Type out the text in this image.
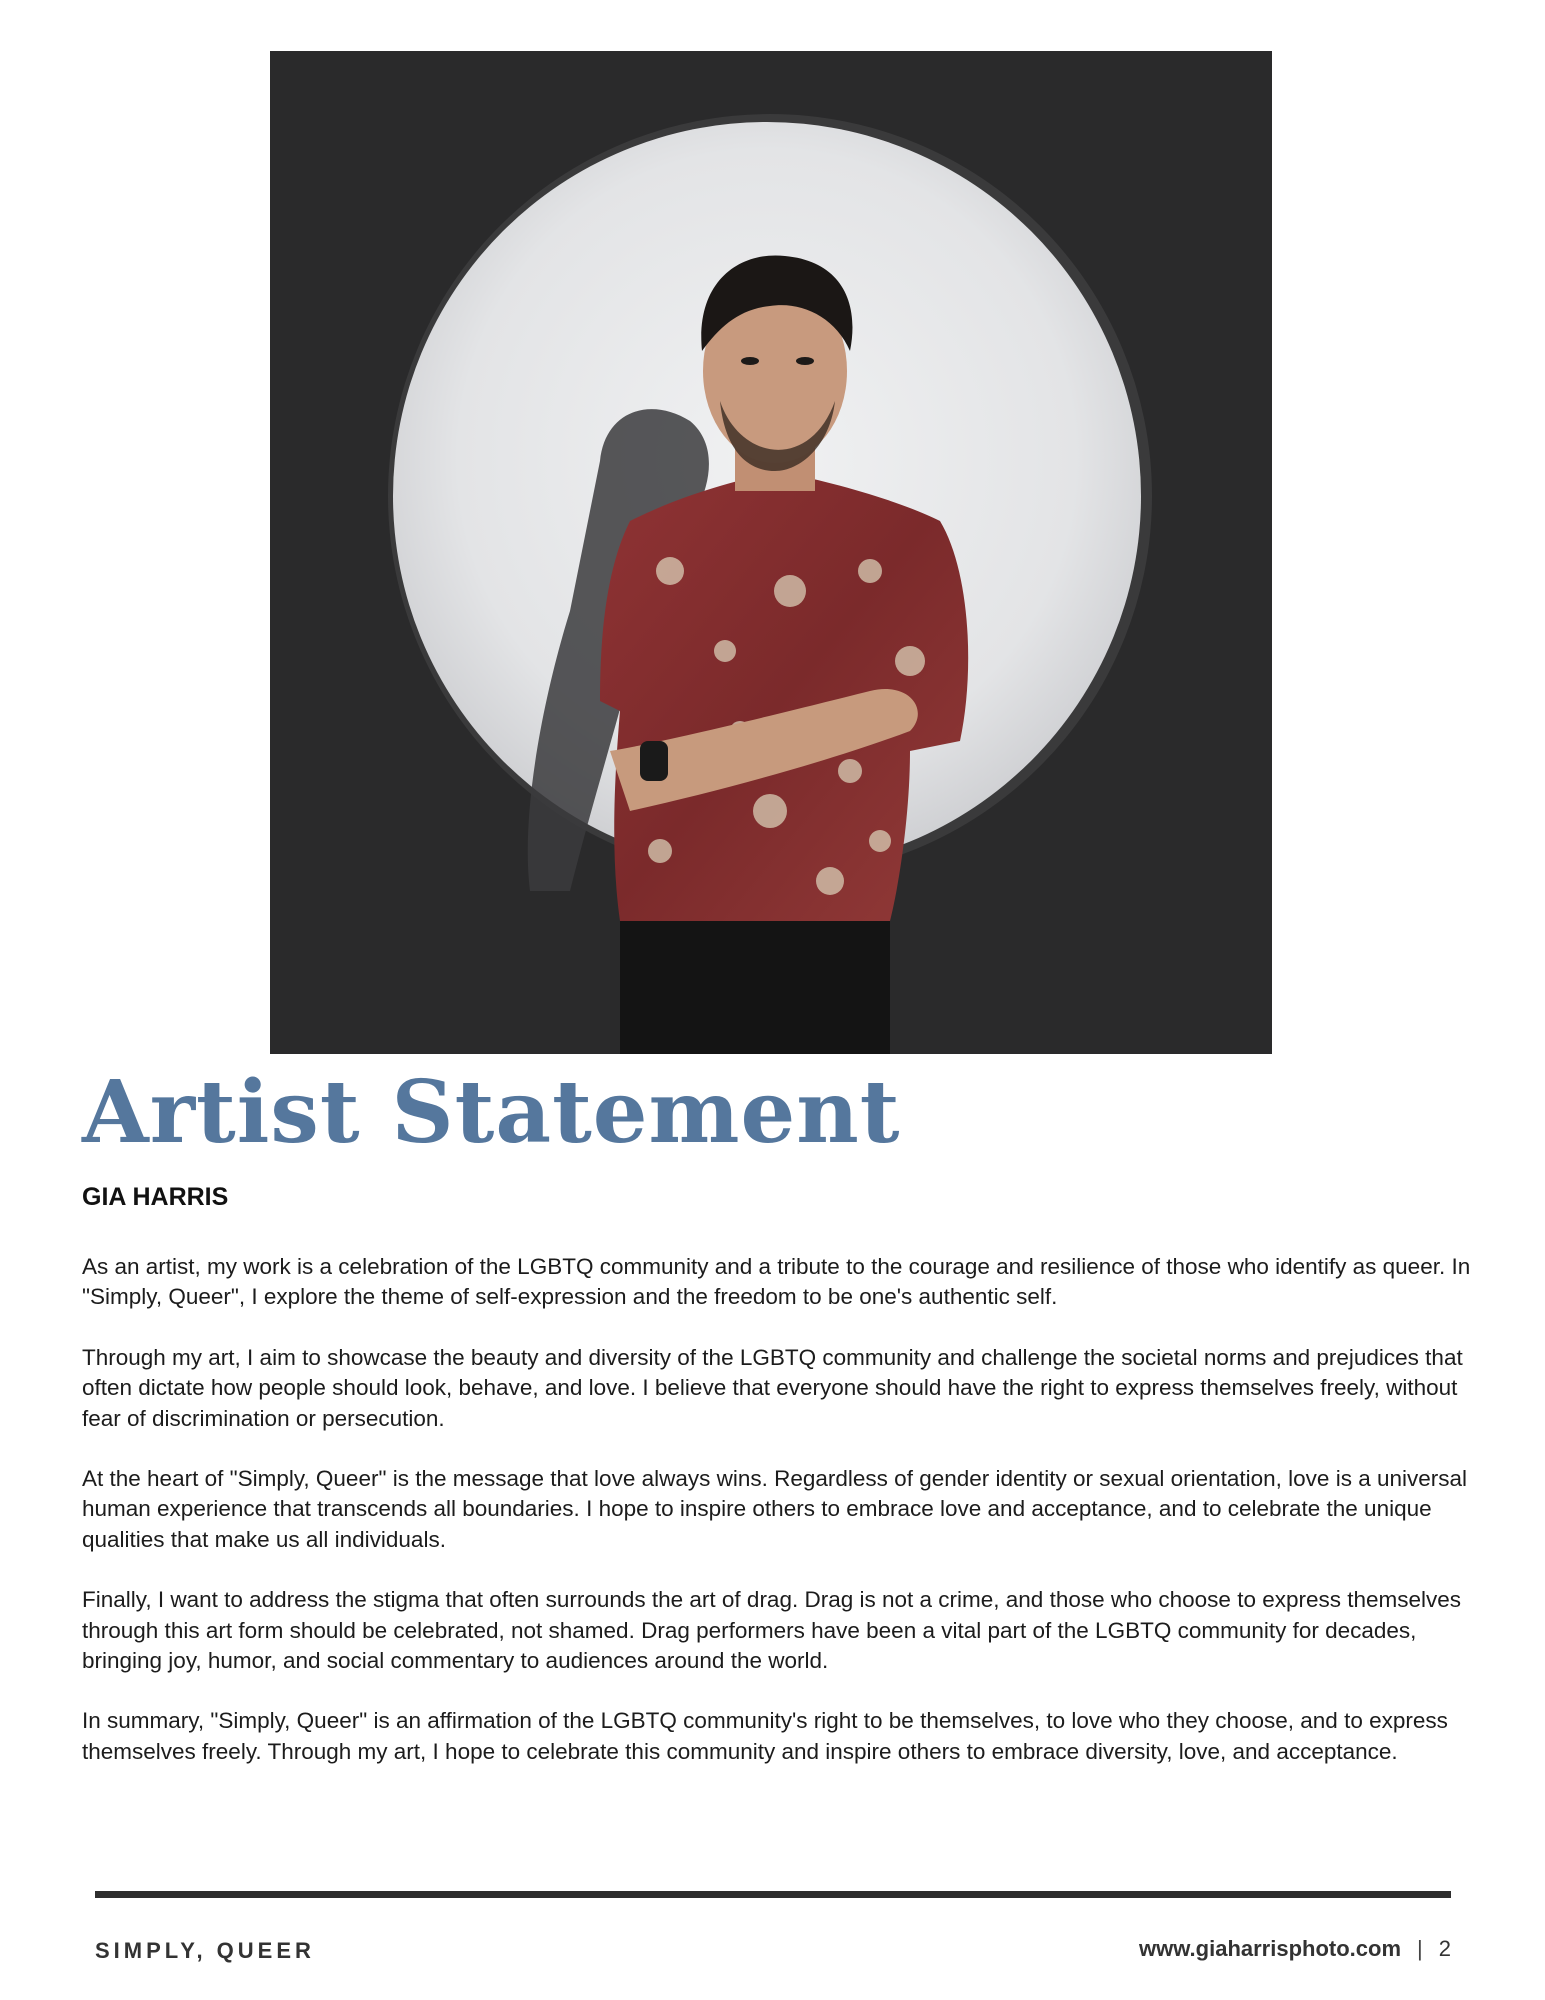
Artist Statement
GIA HARRIS

As an artist, my work is a celebration of the LGBTQ community and a tribute to the courage and resilience of those who identify as queer. In "Simply, Queer", I explore the theme of self-expression and the freedom to be one's authentic self.

Through my art, I aim to showcase the beauty and diversity of the LGBTQ community and challenge the societal norms and prejudices that often dictate how people should look, behave, and love. I believe that everyone should have the right to express themselves freely, without fear of discrimination or persecution.

At the heart of "Simply, Queer" is the message that love always wins. Regardless of gender identity or sexual orientation, love is a universal human experience that transcends all boundaries. I hope to inspire others to embrace love and acceptance, and to celebrate the unique qualities that make us all individuals.

Finally, I want to address the stigma that often surrounds the art of drag. Drag is not a crime, and those who choose to express themselves through this art form should be celebrated, not shamed. Drag performers have been a vital part of the LGBTQ community for decades, bringing joy, humor, and social commentary to audiences around the world.

In summary, "Simply, Queer" is an affirmation of the LGBTQ community's right to be themselves, to love who they choose, and to express themselves freely. Through my art, I hope to celebrate this community and inspire others to embrace diversity, love, and acceptance.

SIMPLY, QUEER	www.giaharrisphoto.com | 2
